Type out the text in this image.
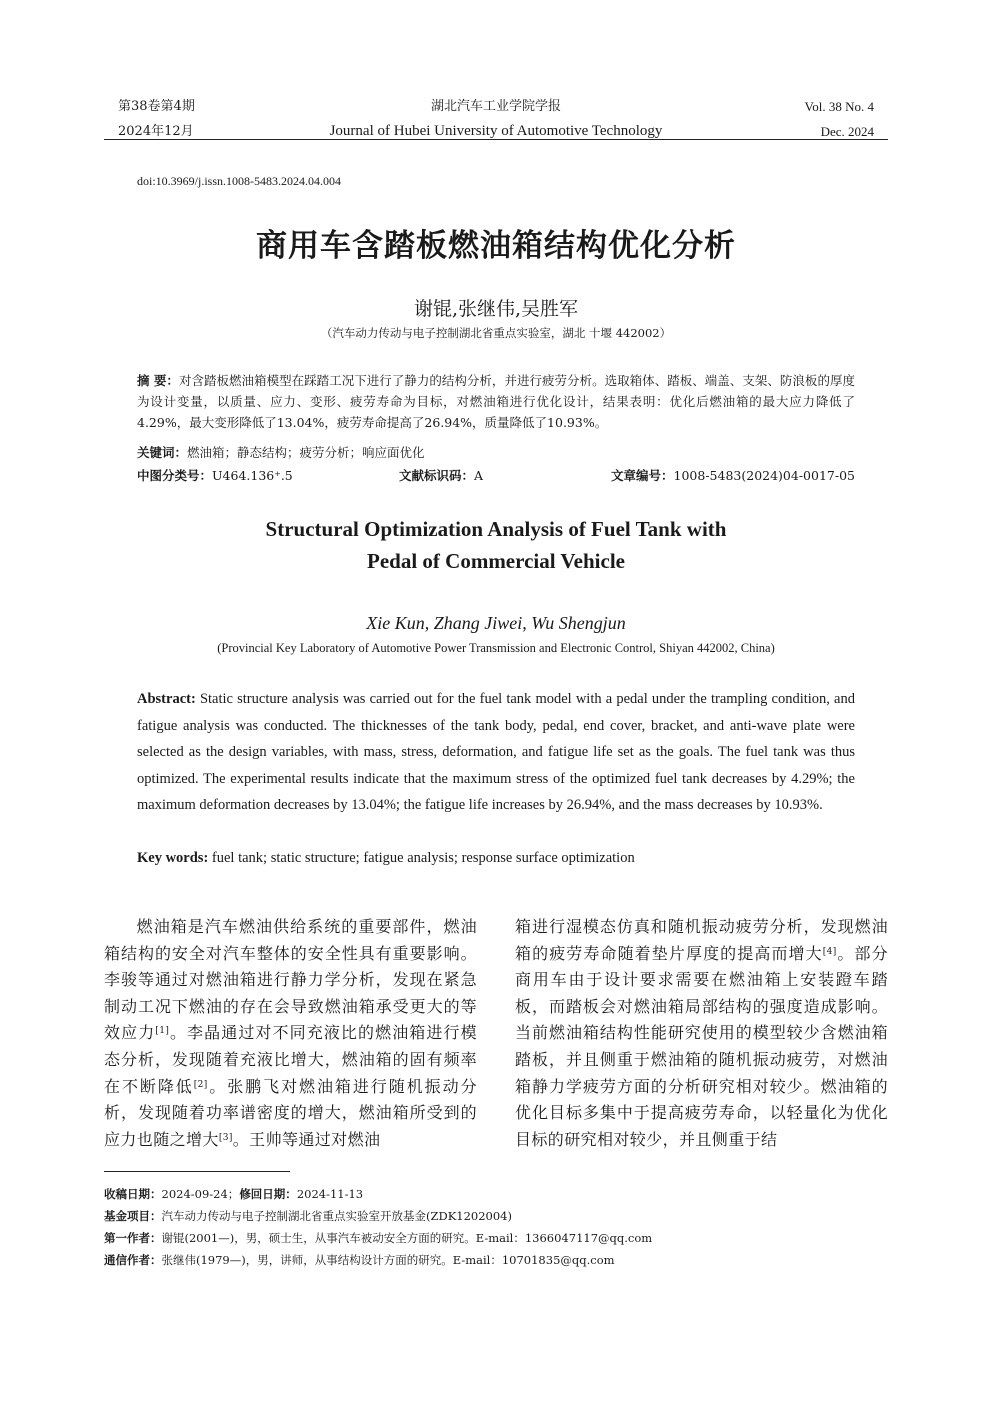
第38卷第4期
2024年12月
湖北汽车工业学院学报
Journal of Hubei University of Automotive Technology
Vol. 38 No. 4
Dec. 2024
doi:10.3969/j.issn.1008-5483.2024.04.004
商用车含踏板燃油箱结构优化分析
谢锟,张继伟,吴胜军
（汽车动力传动与电子控制湖北省重点实验室，湖北 十堰 442002）
摘 要：对含踏板燃油箱模型在踩踏工况下进行了静力的结构分析，并进行疲劳分析。选取箱体、踏板、端盖、支架、防浪板的厚度为设计变量，以质量、应力、变形、疲劳寿命为目标，对燃油箱进行优化设计，结果表明：优化后燃油箱的最大应力降低了4.29%，最大变形降低了13.04%，疲劳寿命提高了26.94%，质量降低了10.93%。
关键词：燃油箱；静态结构；疲劳分析；响应面优化
中图分类号：U464.136⁺.5	文献标识码：A	文章编号：1008-5483(2024)04-0017-05
Structural Optimization Analysis of Fuel Tank with
Pedal of Commercial Vehicle
Xie Kun, Zhang Jiwei, Wu Shengjun
(Provincial Key Laboratory of Automotive Power Transmission and Electronic Control, Shiyan 442002, China)
Abstract: Static structure analysis was carried out for the fuel tank model with a pedal under the trampling condition, and fatigue analysis was conducted. The thicknesses of the tank body, pedal, end cover, bracket, and anti-wave plate were selected as the design variables, with mass, stress, deformation, and fatigue life set as the goals. The fuel tank was thus optimized. The experimental results indicate that the maximum stress of the optimized fuel tank decreases by 4.29%; the maximum deformation decreases by 13.04%; the fatigue life increases by 26.94%, and the mass decreases by 10.93%.
Key words: fuel tank; static structure; fatigue analysis; response surface optimization
燃油箱是汽车燃油供给系统的重要部件，燃油箱结构的安全对汽车整体的安全性具有重要影响。李骏等通过对燃油箱进行静力学分析，发现在紧急制动工况下燃油的存在会导致燃油箱承受更大的等效应力[1]。李晶通过对不同充液比的燃油箱进行模态分析，发现随着充液比增大，燃油箱的固有频率在不断降低[2]。张鹏飞对燃油箱进行随机振动分析，发现随着功率谱密度的增大，燃油箱所受到的应力也随之增大[3]。王帅等通过对燃油
箱进行湿模态仿真和随机振动疲劳分析，发现燃油箱的疲劳寿命随着垫片厚度的提高而增大[4]。部分商用车由于设计要求需要在燃油箱上安装蹬车踏板，而踏板会对燃油箱局部结构的强度造成影响。当前燃油箱结构性能研究使用的模型较少含燃油箱踏板，并且侧重于燃油箱的随机振动疲劳，对燃油箱静力学疲劳方面的分析研究相对较少。燃油箱的优化目标多集中于提高疲劳寿命，以轻量化为优化目标的研究相对较少，并且侧重于结
收稿日期：2024-09-24；修回日期：2024-11-13
基金项目：汽车动力传动与电子控制湖北省重点实验室开放基金(ZDK1202004)
第一作者：谢锟(2001—)，男，硕士生，从事汽车被动安全方面的研究。E-mail：1366047117@qq.com
通信作者：张继伟(1979—)，男，讲师，从事结构设计方面的研究。E-mail：10701835@qq.com
